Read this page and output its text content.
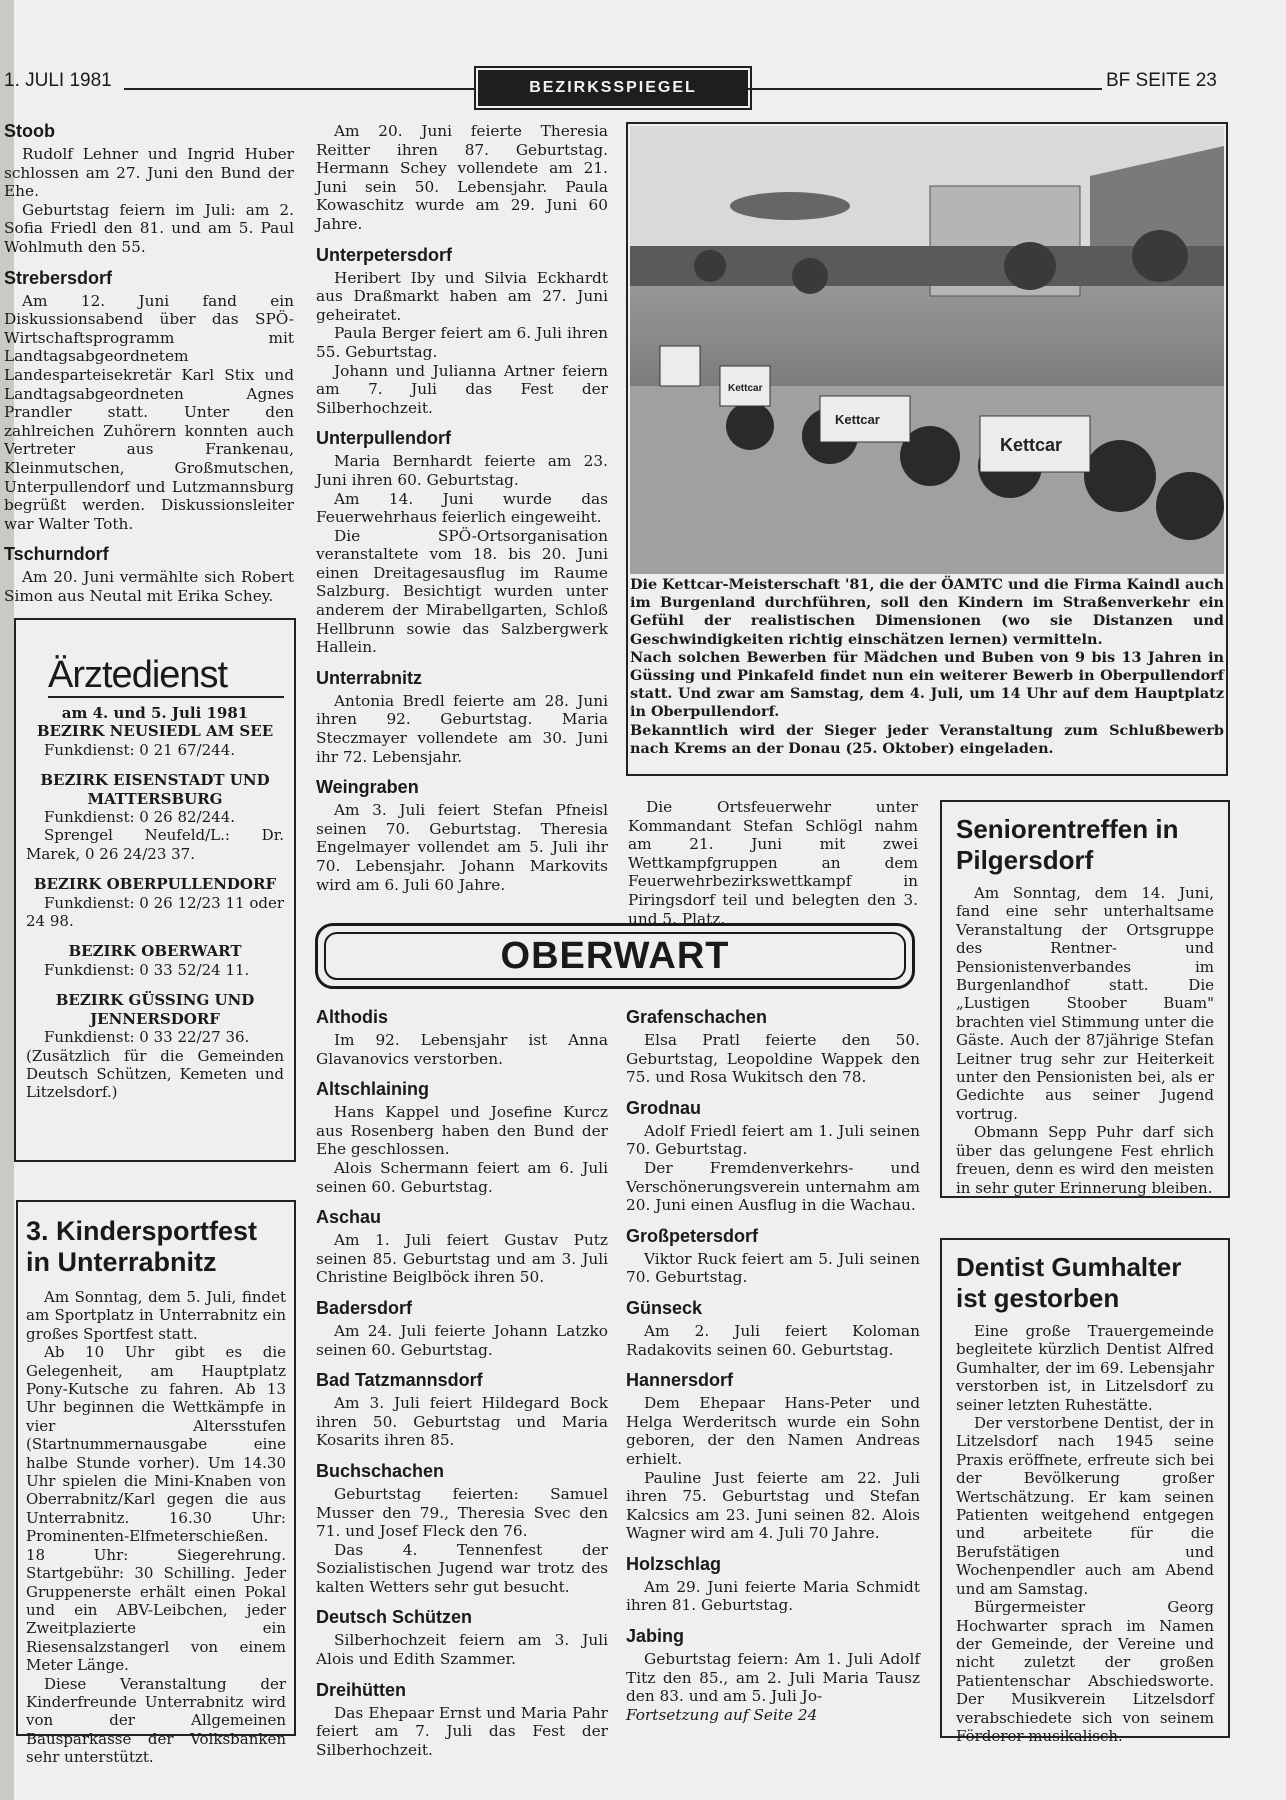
1. JULI 1981	BEZIRKSSPIEGEL	BF SEITE 23
Stoob

Rudolf Lehner und Ingrid Huber schlossen am 27. Juni den Bund der Ehe.

Geburtstag feiern im Juli: am 2. Sofia Friedl den 81. und am 5. Paul Wohlmuth den 55.

Strebersdorf

Am 12. Juni fand ein Diskussionsabend über das SPÖ-Wirtschaftsprogramm mit Landtagsabgeordnetem Landesparteisekretär Karl Stix und Landtagsabgeordneten Agnes Prandler statt. Unter den zahlreichen Zuhörern konnten auch Vertreter aus Frankenau, Kleinmutschen, Großmutschen, Unterpullendorf und Lutzmannsburg begrüßt werden. Diskussionsleiter war Walter Toth.

Tschurndorf

Am 20. Juni vermählte sich Robert Simon aus Neutal mit Erika Schey.

Ärztedienst

am 4. und 5. Juli 1981

BEZIRK NEUSIEDL AM SEE

Funkdienst: 0 21 67/244.

BEZIRK EISENSTADT UND MATTERSBURG

Funkdienst: 0 26 82/244.

Sprengel Neufeld/L.: Dr. Marek, 0 26 24/23 37.

BEZIRK OBERPULLENDORF

Funkdienst: 0 26 12/23 11 oder 24 98.

BEZIRK OBERWART

Funkdienst: 0 33 52/24 11.

BEZIRK GÜSSING UND JENNERSDORF

Funkdienst: 0 33 22/27 36.

(Zusätzlich für die Gemeinden Deutsch Schützen, Kemeten und Litzelsdorf.)

3. Kindersportfest in Unterrabnitz

Am Sonntag, dem 5. Juli, findet am Sportplatz in Unterrabnitz ein großes Sportfest statt.

Ab 10 Uhr gibt es die Gelegenheit, am Hauptplatz Pony-Kutsche zu fahren. Ab 13 Uhr beginnen die Wettkämpfe in vier Altersstufen (Startnummernausgabe eine halbe Stunde vorher). Um 14.30 Uhr spielen die Mini-Knaben von Oberrabnitz/Karl gegen die aus Unterrabnitz. 16.30 Uhr: Prominenten-Elfmeterschießen. 18 Uhr: Siegerehrung. Startgebühr: 30 Schilling. Jeder Gruppenerste erhält einen Pokal und ein ABV-Leibchen, jeder Zweitplazierte ein Riesensalzstangerl von einem Meter Länge.

Diese Veranstaltung der Kinderfreunde Unterrabnitz wird von der Allgemeinen Bausparkasse der Volksbanken sehr unterstützt.

Am 20. Juni feierte Theresia Reitter ihren 87. Geburtstag. Hermann Schey vollendete am 21. Juni sein 50. Lebensjahr. Paula Kowaschitz wurde am 29. Juni 60 Jahre.

Unterpetersdorf

Heribert Iby und Silvia Eckhardt aus Draßmarkt haben am 27. Juni geheiratet.

Paula Berger feiert am 6. Juli ihren 55. Geburtstag.

Johann und Julianna Artner feiern am 7. Juli das Fest der Silberhochzeit.

Unterpullendorf

Maria Bernhardt feierte am 23. Juni ihren 60. Geburtstag.

Am 14. Juni wurde das Feuerwehrhaus feierlich eingeweiht.

Die SPÖ-Ortsorganisation veranstaltete vom 18. bis 20. Juni einen Dreitagesausflug im Raume Salzburg. Besichtigt wurden unter anderem der Mirabellgarten, Schloß Hellbrunn sowie das Salzbergwerk Hallein.

Unterrabnitz

Antonia Bredl feierte am 28. Juni ihren 92. Geburtstag. Maria Steczmayer vollendete am 30. Juni ihr 72. Lebensjahr.

Weingraben

Am 3. Juli feiert Stefan Pfneisl seinen 70. Geburtstag. Theresia Engelmayer vollendet am 5. Juli ihr 70. Lebensjahr. Johann Markovits wird am 6. Juli 60 Jahre.

Kettcar
Kettcar
Kettcar
Die Kettcar-Meisterschaft '81, die der ÖAMTC und die Firma Kaindl auch im Burgenland durchführen, soll den Kindern im Straßenverkehr ein Gefühl der realistischen Dimensionen (wo sie Distanzen und Geschwindigkeiten richtig einschätzen lernen) vermitteln.
Nach solchen Bewerben für Mädchen und Buben von 9 bis 13 Jahren in Güssing und Pinkafeld findet nun ein weiterer Bewerb in Oberpullendorf statt. Und zwar am Samstag, dem 4. Juli, um 14 Uhr auf dem Hauptplatz in Oberpullendorf.
Bekanntlich wird der Sieger jeder Veranstaltung zum Schlußbewerb nach Krems an der Donau (25. Oktober) eingeladen.

Die Ortsfeuerwehr unter Kommandant Stefan Schlögl nahm am 21. Juni mit zwei Wettkampfgruppen an dem Feuerwehrbezirkswettkampf in Piringsdorf teil und belegten den 3. und 5. Platz.

OBERWART
Althodis

Im 92. Lebensjahr ist Anna Glavanovics verstorben.

Altschlaining

Hans Kappel und Josefine Kurcz aus Rosenberg haben den Bund der Ehe geschlossen.

Alois Schermann feiert am 6. Juli seinen 60. Geburtstag.

Aschau

Am 1. Juli feiert Gustav Putz seinen 85. Geburtstag und am 3. Juli Christine Beiglböck ihren 50.

Badersdorf

Am 24. Juli feierte Johann Latzko seinen 60. Geburtstag.

Bad Tatzmannsdorf

Am 3. Juli feiert Hildegard Bock ihren 50. Geburtstag und Maria Kosarits ihren 85.

Buchschachen

Geburtstag feierten: Samuel Musser den 79., Theresia Svec den 71. und Josef Fleck den 76.

Das 4. Tennenfest der Sozialistischen Jugend war trotz des kalten Wetters sehr gut besucht.

Deutsch Schützen

Silberhochzeit feiern am 3. Juli Alois und Edith Szammer.

Dreihütten

Das Ehepaar Ernst und Maria Pahr feiert am 7. Juli das Fest der Silberhochzeit.

Grafenschachen

Elsa Pratl feierte den 50. Geburtstag, Leopoldine Wappek den 75. und Rosa Wukitsch den 78.

Grodnau

Adolf Friedl feiert am 1. Juli seinen 70. Geburtstag.

Der Fremdenverkehrs- und Verschönerungsverein unternahm am 20. Juni einen Ausflug in die Wachau.

Großpetersdorf

Viktor Ruck feiert am 5. Juli seinen 70. Geburtstag.

Günseck

Am 2. Juli feiert Koloman Radakovits seinen 60. Geburtstag.

Hannersdorf

Dem Ehepaar Hans-Peter und Helga Werderitsch wurde ein Sohn geboren, der den Namen Andreas erhielt.

Pauline Just feierte am 22. Juli ihren 75. Geburtstag und Stefan Kalcsics am 23. Juni seinen 82. Alois Wagner wird am 4. Juli 70 Jahre.

Holzschlag

Am 29. Juni feierte Maria Schmidt ihren 81. Geburtstag.

Jabing

Geburtstag feiern: Am 1. Juli Adolf Titz den 85., am 2. Juli Maria Tausz den 83. und am 5. Juli Jo-

Fortsetzung auf Seite 24

Seniorentreffen in Pilgersdorf

Am Sonntag, dem 14. Juni, fand eine sehr unterhaltsame Veranstaltung der Ortsgruppe des Rentner- und Pensionistenverbandes im Burgenlandhof statt. Die „Lustigen Stoober Buam" brachten viel Stimmung unter die Gäste. Auch der 87jährige Stefan Leitner trug sehr zur Heiterkeit unter den Pensionisten bei, als er Gedichte aus seiner Jugend vortrug.

Obmann Sepp Puhr darf sich über das gelungene Fest ehrlich freuen, denn es wird den meisten in sehr guter Erinnerung bleiben.

Dentist Gumhalter ist gestorben

Eine große Trauergemeinde begleitete kürzlich Dentist Alfred Gumhalter, der im 69. Lebensjahr verstorben ist, in Litzelsdorf zu seiner letzten Ruhestätte.

Der verstorbene Dentist, der in Litzelsdorf nach 1945 seine Praxis eröffnete, erfreute sich bei der Bevölkerung großer Wertschätzung. Er kam seinen Patienten weitgehend entgegen und arbeitete für die Berufstätigen und Wochenpendler auch am Abend und am Samstag.

Bürgermeister Georg Hochwarter sprach im Namen der Gemeinde, der Vereine und nicht zuletzt der großen Patientenschar Abschiedsworte. Der Musikverein Litzelsdorf verabschiedete sich von seinem Förderer musikalisch.
